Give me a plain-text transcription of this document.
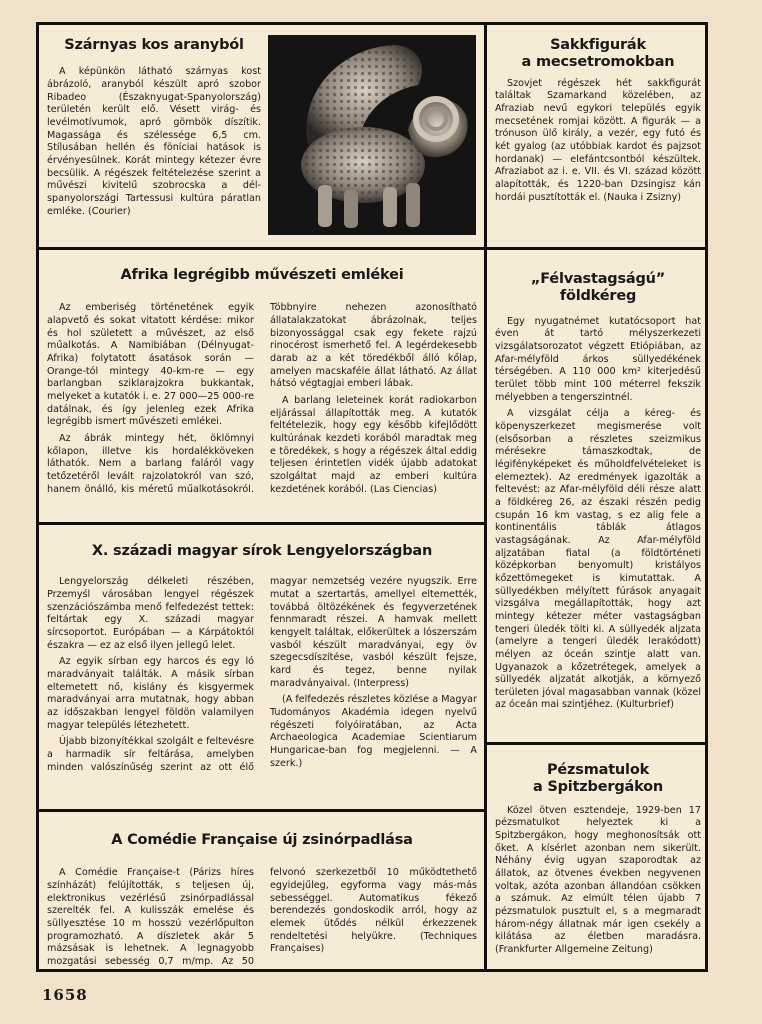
Szárnyas kos aranyból

A képünkön látható szárnyas kost ábrázoló, aranyból készült apró szobor Ribadeo (Északnyugat-Spanyolország) területén került elő. Vésett virág- és levélmotívumok, apró gömbök díszítik. Magassága és szélessége 6,5 cm. Stílusában hellén és föníciai hatások is érvényesülnek. Korát mintegy kétezer évre becsülik. A régészek feltételezése szerint a művészi kivitelű szobrocska a dél-spanyolországi Tartessusi kultúra páratlan emléke. (Courier)

Sakkfigurák
a mecsetromokban

Szovjet régészek hét sakkfigurát találtak Szamarkand közelében, az Afraziab nevű egykori település egyik mecsetének romjai között. A figurák — a trónuson ülő király, a vezér, egy futó és két gyalog (az utóbbiak kardot és pajzsot hordanak) — elefántcsontból készültek. Afraziabot az i. e. VII. és VI. század között alapították, és 1220-ban Dzsingisz kán hordái pusztították el. (Nauka i Zsizny)

Afrika legrégibb művészeti emlékei

Az emberiség történetének egyik alapvető és sokat vitatott kérdése: mikor és hol született a művészet, az első műalkotás. A Namibiában (Délnyugat-Afrika) folytatott ásatások során — Orange-tól mintegy 40-km-re — egy barlangban sziklarajzokra bukkantak, melyeket a kutatók i. e. 27 000—25 000-re datálnak, és így jelenleg ezek Afrika legrégibb ismert művészeti emlékei.

Az ábrák mintegy hét, öklömnyi kőlapon, illetve kis hordalékköveken láthatók. Nem a barlang faláról vagy tetőzetéről levált rajzolatokról van szó, hanem önálló, kis méretű műalkotásokról. Többnyire nehezen azonosítható állatalakzatokat ábrázolnak, teljes bizonyossággal csak egy fekete rajzú rinocérost ismerhető fel. A legérdekesebb darab az a két töredékből álló kőlap, amelyen macskaféle állat látható. Az állat hátsó végtagjai emberi lábak.

A barlang leleteinek korát radiokarbon eljárással állapították meg. A kutatók feltételezik, hogy egy később kifejlődött kultúrának kezdeti korából maradtak meg e töredékek, s hogy a régészek által eddig teljesen érintetlen vidék újabb adatokat szolgáltat majd az emberi kultúra kezdetének korából. (Las Ciencias)

„Félvastagságú”
földkéreg

Egy nyugatnémet kutatócsoport hat éven át tartó mélyszerkezeti vizsgálatsorozatot végzett Etiópiában, az Afar-mélyföld árkos süllyedékének térségében. A 110 000 km² kiterjedésű terület több mint 100 méterrel fekszik mélyebben a tengerszintnél.

A vizsgálat célja a kéreg- és köpenyszerkezet megismerése volt (elsősorban a részletes szeizmikus mérésekre támaszkodtak, de légifényképeket és műholdfelvételeket is elemeztek). Az eredmények igazolták a feltevést: az Afar-mélyföld déli része alatt a földkéreg 26, az északi részén pedig csupán 16 km vastag, s ez alig fele a kontinentális táblák átlagos vastagságának. Az Afar-mélyföld aljzatában fiatal (a földtörténeti középkorban benyomult) kristályos kőzettömegeket is kimutattak. A süllyedékben mélyített fúrások anyagait vizsgálva megállapították, hogy azt mintegy kétezer méter vastagságban tengeri üledék tölti ki. A süllyedék aljzata (amelyre a tengeri üledék lerakódott) mélyen az óceán szintje alatt van. Ugyanazok a kőzetrétegek, amelyek a süllyedék aljzatát alkotják, a környező területen jóval magasabban vannak (közel az óceán mai szintjéhez. (Kulturbrief)

X. századi magyar sírok Lengyelországban

Lengyelország délkeleti részében, Przemyśl városában lengyel régészek szenzációszámba menő felfedezést tettek: feltártak egy X. századi magyar sírcsoportot. Európában — a Kárpátoktól északra — ez az első ilyen jellegű lelet.

Az egyik sírban egy harcos és egy ló maradványait találták. A másik sírban eltemetett nő, kislány és kisgyermek maradványai arra mutatnak, hogy abban az időszakban lengyel földön valamilyen magyar település létezhetett.

Újabb bizonyítékkal szolgált e feltevésre a harmadik sír feltárása, amelyben minden valószínűség szerint az ott élő magyar nemzetség vezére nyugszik. Erre mutat a szertartás, amellyel eltemették, továbbá öltözékének és fegyverzetének fennmaradt részei. A hamvak mellett kengyelt találtak, előkerültek a lószerszám vasból készült maradványai, egy öv szegecsdíszítése, vasból készült fejsze, kard és tegez, benne nyilak maradványaival. (Interpress)

(A felfedezés részletes közlése a Magyar Tudományos Akadémia idegen nyelvű régészeti folyóiratában, az Acta Archaeologica Academiae Scientiarum Hungaricae-ban fog megjelenni. — A szerk.)	Pézsmatulok
a Spitzbergákon

Közel ötven esztendeje, 1929-ben 17 pézsmatulkot helyeztek ki a Spitzbergákon, hogy meghonosítsák ott őket. A kísérlet azonban nem sikerült. Néhány évig ugyan szaporodtak az állatok, az ötvenes években negyvenen voltak, azóta azonban állandóan csökken a számuk. Az elmúlt télen újabb 7 pézsmatulok pusztult el, s a megmaradt három-négy állatnak már igen csekély a kilátása az életben maradásra. (Frankfurter Allgemeine Zeitung)

A Comédie Française új zsinórpadlása

A Comédie Française-t (Párizs híres színházát) felújították, s teljesen új, elektronikus vezérlésű zsinórpadlással szerelték fel. A kulisszák emelése és süllyesztése 10 m hosszú vezérlőpulton programozható. A díszletek akár 5 mázsásak is lehetnek. A legnagyobb mozgatási sebesség 0,7 m/mp. Az 50 felvonó szerkezetből 10 működtethető egyidejűleg, egyforma vagy más-más sebességgel. Automatikus fékező berendezés gondoskodik arról, hogy az elemek ütődés nélkül érkezzenek rendeltetési helyükre. (Techniques Françaises)

1658
